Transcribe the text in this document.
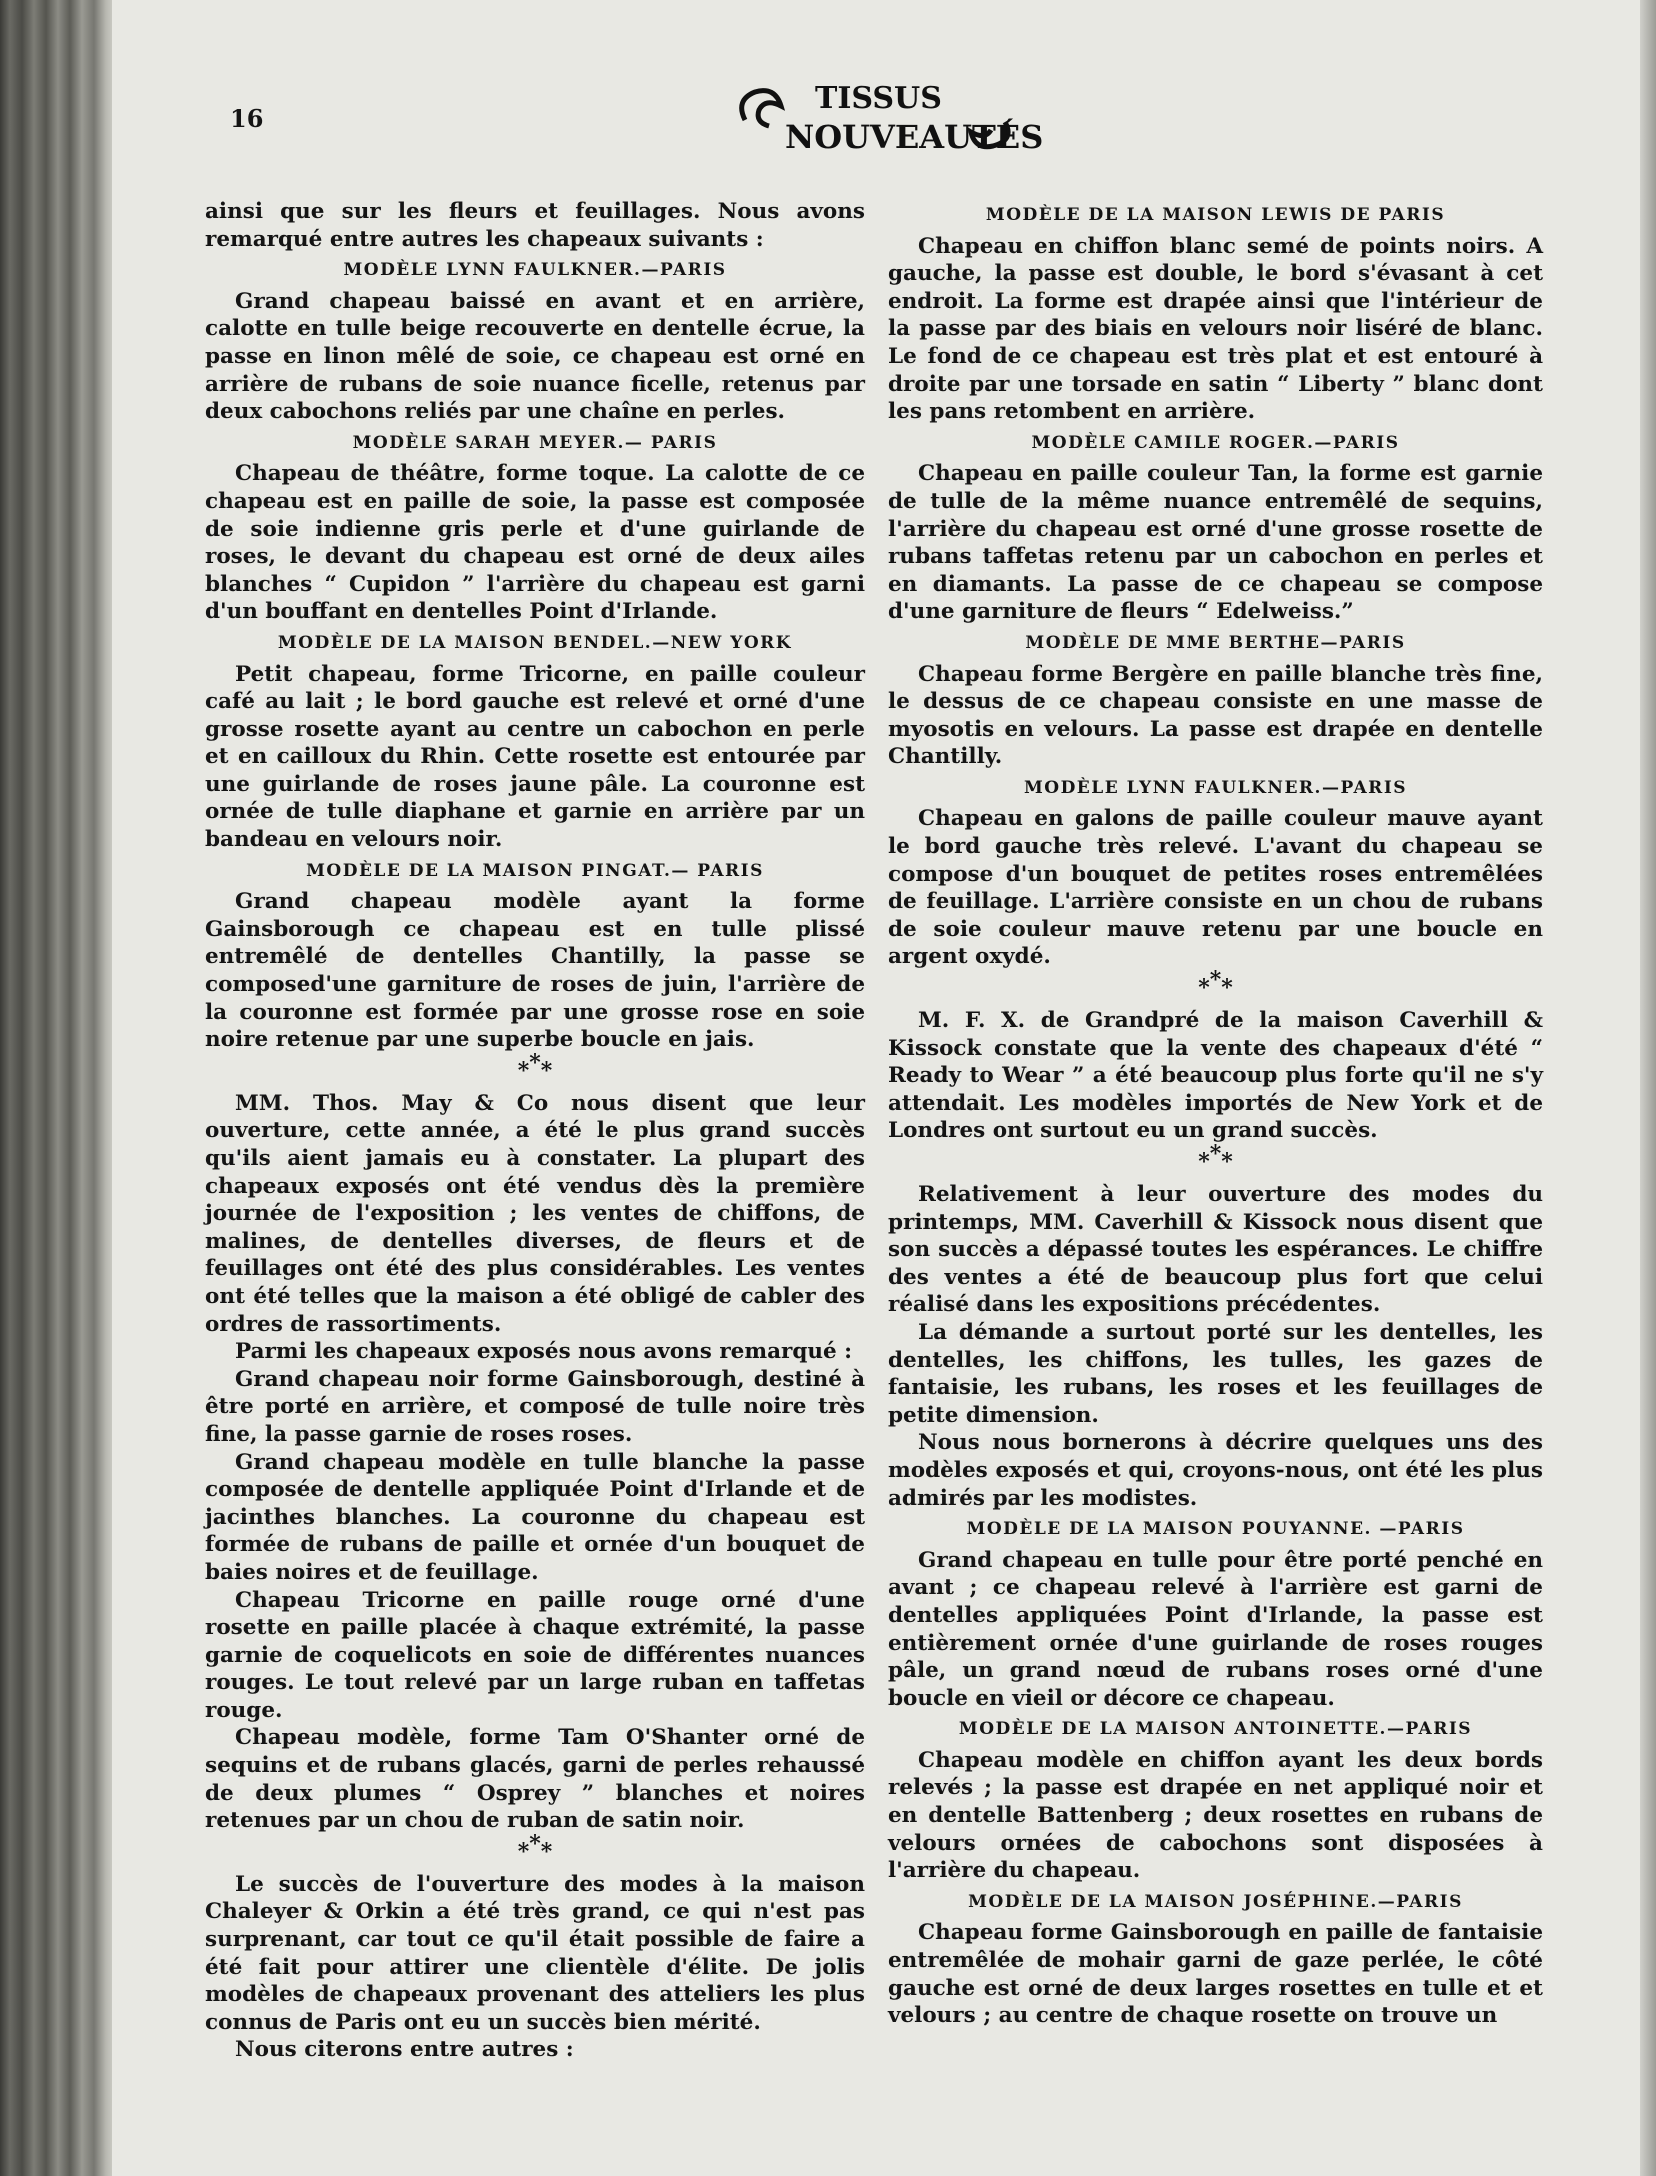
16
TISSUS
NOUVEAUTÉS

ainsi que sur les fleurs et feuillages. Nous avons remarqué entre autres les chapeaux suivants :

MODÈLE LYNN FAULKNER.—PARIS

Grand chapeau baissé en avant et en arrière, calotte en tulle beige recouverte en dentelle écrue, la passe en linon mêlé de soie, ce chapeau est orné en arrière de rubans de soie nuance ficelle, retenus par deux cabochons reliés par une chaîne en perles.

MODÈLE SARAH MEYER.— PARIS

Chapeau de théâtre, forme toque. La calotte de ce chapeau est en paille de soie, la passe est composée de soie indienne gris perle et d'une guirlande de roses, le devant du chapeau est orné de deux ailes blanches “ Cupidon ” l'arrière du chapeau est garni d'un bouffant en dentelles Point d'Irlande.

MODÈLE DE LA MAISON BENDEL.—NEW YORK

Petit chapeau, forme Tricorne, en paille couleur café au lait ; le bord gauche est relevé et orné d'une grosse rosette ayant au centre un cabochon en perle et en cailloux du Rhin. Cette rosette est entourée par une guirlande de roses jaune pâle. La couronne est ornée de tulle diaphane et garnie en arrière par un bandeau en velours noir.

MODÈLE DE LA MAISON PINGAT.— PARIS

Grand chapeau modèle ayant la forme Gainsborough ce chapeau est en tulle plissé entremêlé de dentelles Chantilly, la passe se composed'une garniture de roses de juin, l'arrière de la couronne est formée par une grosse rose en soie noire retenue par une superbe boucle en jais.

***

MM. Thos. May & Co nous disent que leur ouverture, cette année, a été le plus grand succès qu'ils aient jamais eu à constater. La plupart des chapeaux exposés ont été vendus dès la première journée de l'exposition ; les ventes de chiffons, de malines, de dentelles diverses, de fleurs et de feuillages ont été des plus considérables. Les ventes ont été telles que la maison a été obligé de cabler des ordres de rassortiments.

Parmi les chapeaux exposés nous avons remarqué :

Grand chapeau noir forme Gainsborough, destiné à être porté en arrière, et composé de tulle noire très fine, la passe garnie de roses roses.

Grand chapeau modèle en tulle blanche la passe composée de dentelle appliquée Point d'Irlande et de jacinthes blanches. La couronne du chapeau est formée de rubans de paille et ornée d'un bouquet de baies noires et de feuillage.

Chapeau Tricorne en paille rouge orné d'une rosette en paille placée à chaque extrémité, la passe garnie de coquelicots en soie de différentes nuances rouges. Le tout relevé par un large ruban en taffetas rouge.

Chapeau modèle, forme Tam O'Shanter orné de sequins et de rubans glacés, garni de perles rehaussé de deux plumes “ Osprey ” blanches et noires retenues par un chou de ruban de satin noir.

***

Le succès de l'ouverture des modes à la maison Chaleyer & Orkin a été très grand, ce qui n'est pas surprenant, car tout ce qu'il était possible de faire a été fait pour attirer une clientèle d'élite. De jolis modèles de chapeaux provenant des atteliers les plus connus de Paris ont eu un succès bien mérité.

Nous citerons entre autres :

MODÈLE DE LA MAISON LEWIS DE PARIS

Chapeau en chiffon blanc semé de points noirs. A gauche, la passe est double, le bord s'évasant à cet endroit. La forme est drapée ainsi que l'intérieur de la passe par des biais en velours noir liséré de blanc. Le fond de ce chapeau est très plat et est entouré à droite par une torsade en satin “ Liberty ” blanc dont les pans retombent en arrière.

MODÈLE CAMILE ROGER.—PARIS

Chapeau en paille couleur Tan, la forme est garnie de tulle de la même nuance entremêlé de sequins, l'arrière du chapeau est orné d'une grosse rosette de rubans taffetas retenu par un cabochon en perles et en diamants. La passe de ce chapeau se compose d'une garniture de fleurs “ Edelweiss.”

MODÈLE DE MME BERTHE—PARIS

Chapeau forme Bergère en paille blanche très fine, le dessus de ce chapeau consiste en une masse de myosotis en velours. La passe est drapée en dentelle Chantilly.

MODÈLE LYNN FAULKNER.—PARIS

Chapeau en galons de paille couleur mauve ayant le bord gauche très relevé. L'avant du chapeau se compose d'un bouquet de petites roses entremêlées de feuillage. L'arrière consiste en un chou de rubans de soie couleur mauve retenu par une boucle en argent oxydé.

***

M. F. X. de Grandpré de la maison Caverhill & Kissock constate que la vente des chapeaux d'été “ Ready to Wear ” a été beaucoup plus forte qu'il ne s'y attendait. Les modèles importés de New York et de Londres ont surtout eu un grand succès.

***

Relativement à leur ouverture des modes du printemps, MM. Caverhill & Kissock nous disent que son succès a dépassé toutes les espérances. Le chiffre des ventes a été de beaucoup plus fort que celui réalisé dans les expositions précédentes.

La démande a surtout porté sur les dentelles, les dentelles, les chiffons, les tulles, les gazes de fantaisie, les rubans, les roses et les feuillages de petite dimension.

Nous nous bornerons à décrire quelques uns des modèles exposés et qui, croyons-nous, ont été les plus admirés par les modistes.

MODÈLE DE LA MAISON POUYANNE. —PARIS

Grand chapeau en tulle pour être porté penché en avant ; ce chapeau relevé à l'arrière est garni de dentelles appliquées Point d'Irlande, la passe est entièrement ornée d'une guirlande de roses rouges pâle, un grand nœud de rubans roses orné d'une boucle en vieil or décore ce chapeau.

MODÈLE DE LA MAISON ANTOINETTE.—PARIS

Chapeau modèle en chiffon ayant les deux bords relevés ; la passe est drapée en net appliqué noir et en dentelle Battenberg ; deux rosettes en rubans de velours ornées de cabochons sont disposées à l'arrière du chapeau.

MODÈLE DE LA MAISON JOSÉPHINE.—PARIS

Chapeau forme Gainsborough en paille de fantaisie entremêlée de mohair garni de gaze perlée, le côté gauche est orné de deux larges rosettes en tulle et et velours ; au centre de chaque rosette on trouve un
